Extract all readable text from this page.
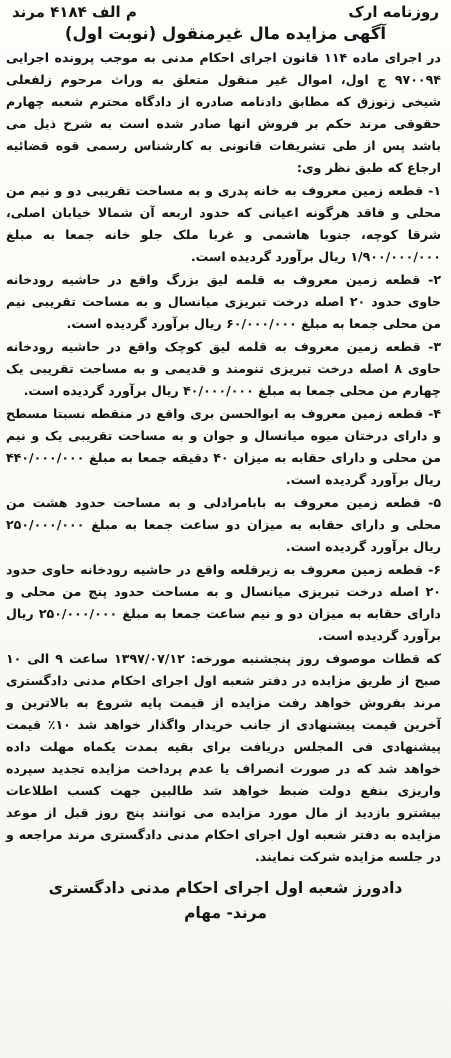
روزنامه ارک
م الف ۴۱۸۴ مرند
آگهی مزایده مال غیرمنقول (نوبت اول)

در اجرای ماده ۱۱۴ قانون اجرای احکام مدنی به موجب پرونده اجرایی ۹۷۰۰۹۴ ج اول، اموال غیر منقول متعلق به وراث مرحوم زلفعلی شیخی زنوزق که مطابق دادنامه صادره از دادگاه محترم شعبه چهارم حقوقی مرند حکم بر فروش انها صادر شده است به شرح ذیل می باشد پس از طی تشریفات قانونی به کارشناس رسمی قوه قضائیه ارجاع که طبق نظر وی:

۱- قطعه زمین معروف به خانه پدری و به مساحت تقریبی دو و نیم من محلی و فاقد هرگونه اعیانی که حدود اربعه آن شمالا خیابان اصلی، شرقا کوچه، جنوبا هاشمی و غربا ملک جلو خانه جمعا به مبلغ ۱/۹۰۰/۰۰۰/۰۰۰ ریال برآورد گردیده است.

۲- قطعه زمین معروف به قلمه لیق بزرگ واقع در حاشیه رودخانه حاوی حدود ۲۰ اصله درخت تبریزی میانسال و به مساحت تقریبی نیم من محلی جمعا به مبلغ ۶۰/۰۰۰/۰۰۰ ریال برآورد گردیده است.

۳- قطعه زمین معروف به قلمه لیق کوچک واقع در حاشیه رودخانه حاوی ۸ اصله درخت تبریزی تنومند و قدیمی و به مساحت تقریبی یک چهارم من محلی جمعا به مبلغ ۴۰/۰۰۰/۰۰۰ ریال برآورد گردیده است.

۴- قطعه زمین معروف به ابوالحسن بری واقع در منقطه نسبتا مسطح و دارای درختان میوه میانسال و جوان و به مساحت تقریبی یک و نیم من محلی و دارای حقابه به میزان ۴۰ دقیقه جمعا به مبلغ ۴۴۰/۰۰۰/۰۰۰ ریال برآورد گردیده است.

۵- قطعه زمین معروف به بابامرادلی و به مساحت حدود هشت من محلی و دارای حقابه به میزان دو ساعت جمعا به مبلغ ۲۵۰/۰۰۰/۰۰۰ ریال برآورد گردیده است.

۶- قطعه زمین معروف به زیرقلعه واقع در حاشیه رودخانه حاوی حدود ۲۰ اصله درخت تبریزی میانسال و به مساحت حدود پنج من محلی و دارای حقابه به میزان دو و نیم ساعت جمعا به مبلغ ۲۵۰/۰۰۰/۰۰۰ ریال برآورد گردیده است.

که قطات موصوف روز پنجشنبه مورخه: ۱۳۹۷/۰۷/۱۲ ساعت ۹ الی ۱۰ صبح از طریق مزایده در دفتر شعبه اول اجرای احکام مدنی دادگستری مرند بفروش خواهد رفت مزایده از قیمت پایه شروع به بالاترین و آخرین قیمت پیشنهادی از جانب خریدار واگذار خواهد شد ۱۰٪ قیمت پیشنهادی فی المجلس دریافت برای بقیه بمدت یکماه مهلت داده خواهد شد که در صورت انصراف یا عدم پرداخت مزایده تجدید سپرده واریزی بنفع دولت ضبط خواهد شد طالبین جهت کسب اطلاعات بیشترو بازدید از مال مورد مزایده می توانند پنج روز قبل از موعد مزایده به دفتر شعبه اول اجرای احکام مدنی دادگستری مرند مراجعه و در جلسه مزایده شرکت نمایند.

دادورز شعبه اول اجرای احکام مدنی دادگستری
مرند- مهام
